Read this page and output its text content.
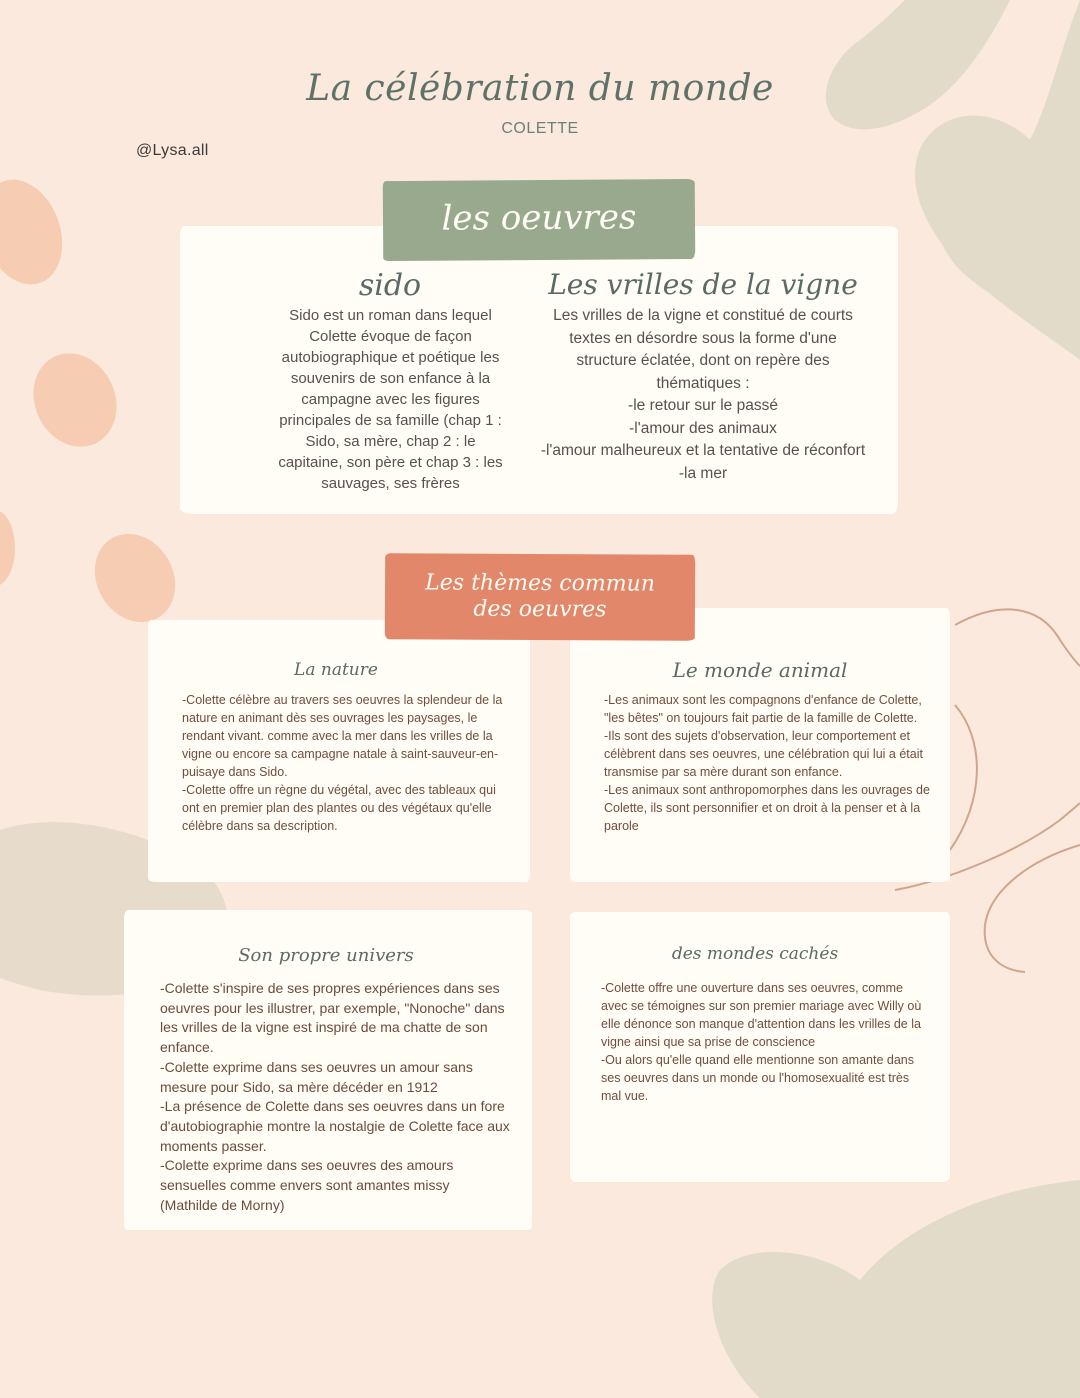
La célébration du monde
COLETTE
@Lysa.all
les oeuvres
sido
Sido est un roman dans lequel Colette évoque de façon autobiographique et poétique les souvenirs de son enfance à la campagne avec les figures principales de sa famille (chap 1 : Sido, sa mère, chap 2 : le capitaine, son père et chap 3 : les sauvages, ses frères
Les vrilles de la vigne

Les vrilles de la vigne et constitué de courts textes en désordre sous la forme d'une structure éclatée, dont on repère des thématiques :

-le retour sur le passé

-l'amour des animaux

-l'amour malheureux et la tentative de réconfort

-la mer

Les thèmes commun
des oeuvres
La nature

-Colette célèbre au travers ses oeuvres la splendeur de la nature en animant dès ses ouvrages les paysages, le rendant vivant. comme avec la mer dans les vrilles de la vigne ou encore sa campagne natale à saint-sauveur-en-puisaye dans Sido.

-Colette offre un règne du végétal, avec des tableaux qui ont en premier plan des plantes ou des végétaux qu'elle célèbre dans sa description.

Le monde animal

-Les animaux sont les compagnons d'enfance de Colette, "les bêtes" on toujours fait partie de la famille de Colette.

-Ils sont des sujets d'observation, leur comportement et célèbrent dans ses oeuvres, une célébration qui lui a était transmise par sa mère durant son enfance.

-Les animaux sont anthropomorphes dans les ouvrages de Colette, ils sont personnifier et on droit à la penser et à la parole

Son propre univers

-Colette s'inspire de ses propres expériences dans ses oeuvres pour les illustrer, par exemple, "Nonoche" dans les vrilles de la vigne est inspiré de ma chatte de son enfance.

-Colette exprime dans ses oeuvres un amour sans mesure pour Sido, sa mère décéder en 1912

-La présence de Colette dans ses oeuvres dans un fore d'autobiographie montre la nostalgie de Colette face aux moments passer.

-Colette exprime dans ses oeuvres des amours sensuelles comme envers sont amantes missy (Mathilde de Morny)

des mondes cachés

-Colette offre une ouverture dans ses oeuvres, comme avec se témoignes sur son premier mariage avec Willy où elle dénonce son manque d'attention dans les vrilles de la vigne ainsi que sa prise de conscience

-Ou alors qu'elle quand elle mentionne son amante dans ses oeuvres dans un monde ou l'homosexualité est très mal vue.
